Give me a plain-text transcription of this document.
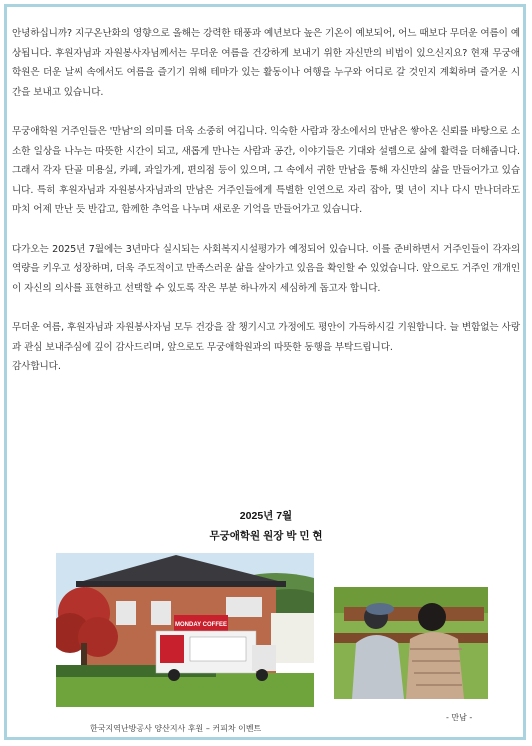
안녕하십니까? 지구온난화의 영향으로 올해는 강력한 태풍과 예년보다 높은 기온이 예보되어, 어느 때보다 무더운 여름이 예상됩니다. 후원자님과 자원봉사자님께서는 무더운 여름을 건강하게 보내기 위한 자신만의 비법이 있으신지요? 현재 무궁애학원은 더운 날씨 속에서도 여름을 즐기기 위해 테마가 있는 활동이나 여행을 누구와 어디로 갈 것인지 계획하며 즐거운 시간을 보내고 있습니다.

무궁애학원 거주인들은 '만남'의 의미를 더욱 소중히 여깁니다. 익숙한 사람과 장소에서의 만남은 쌓아온 신뢰를 바탕으로 소소한 일상을 나누는 따뜻한 시간이 되고, 새롭게 만나는 사람과 공간, 이야기들은 기대와 설렘으로 삶에 활력을 더해줍니다. 그래서 각자 단골 미용실, 카페, 과일가게, 편의점 등이 있으며, 그 속에서 귀한 만남을 통해 자신만의 삶을 만들어가고 있습니다. 특히 후원자님과 자원봉사자님과의 만남은 거주인들에게 특별한 인연으로 자리 잡아, 몇 년이 지나 다시 만나더라도 마치 어제 만난 듯 반갑고, 함께한 추억을 나누며 새로운 기억을 만들어가고 있습니다.

다가오는 2025년 7월에는 3년마다 실시되는 사회복지시설평가가 예정되어 있습니다. 이를 준비하면서 거주인들이 각자의 역량을 키우고 성장하며, 더욱 주도적이고 만족스러운 삶을 살아가고 있음을 확인할 수 있었습니다. 앞으로도 거주인 개개인이 자신의 의사를 표현하고 선택할 수 있도록 작은 부분 하나까지 세심하게 돕고자 합니다.

무더운 여름, 후원자님과 자원봉사자님 모두 건강을 잘 챙기시고 가정에도 평안이 가득하시길 기원합니다. 늘 변함없는 사랑과 관심 보내주심에 깊이 감사드리며, 앞으로도 무궁애학원과의 따뜻한 동행을 부탁드립니다.

감사합니다.

2025년 7월
무궁애학원 원장 박 민 현
MONDAY COFFEE
한국지역난방공사 양산지사 후원 – 커피차 이벤트
- 만남 -
